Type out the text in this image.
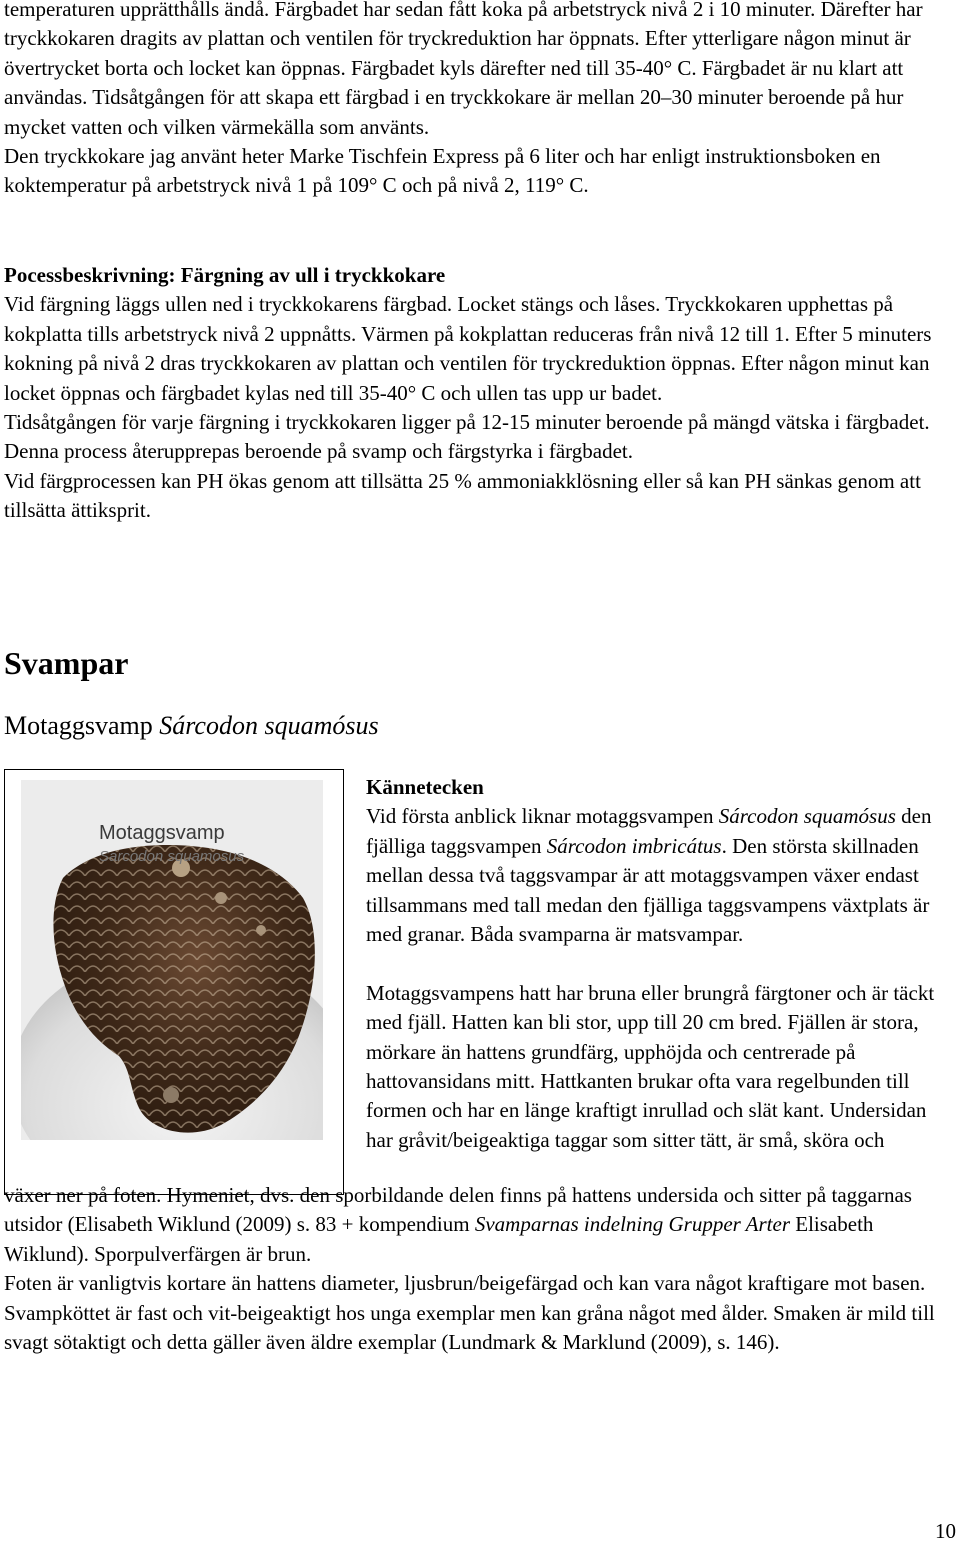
temperaturen upprätthålls ändå. Färgbadet har sedan fått koka på arbetstryck nivå 2 i 10 minuter. Därefter har tryckkokaren dragits av plattan och ventilen för tryckreduktion har öppnats. Efter ytterligare någon minut är övertrycket borta och locket kan öppnas. Färgbadet kyls därefter ned till 35-40° C. Färgbadet är nu klart att användas. Tidsåtgången för att skapa ett färgbad i en tryckkokare är mellan 20–30 minuter beroende på hur mycket vatten och vilken värmekälla som använts.

Den tryckkokare jag använt heter Marke Tischfein Express på 6 liter och har enligt instruktionsboken en koktemperatur på arbetstryck nivå 1 på 109° C och på nivå 2, 119° C.

Pocessbeskrivning: Färgning av ull i tryckkokare

Vid färgning läggs ullen ned i tryckkokarens färgbad. Locket stängs och låses. Tryckkokaren upphettas på kokplatta tills arbetstryck nivå 2 uppnåtts. Värmen på kokplattan reduceras från nivå 12 till 1. Efter 5 minuters kokning på nivå 2 dras tryckkokaren av plattan och ventilen för tryckreduktion öppnas. Efter någon minut kan locket öppnas och färgbadet kylas ned till 35-40° C och ullen tas upp ur badet.

Tidsåtgången för varje färgning i tryckkokaren ligger på 12-15 minuter beroende på mängd vätska i färgbadet.

Denna process återupprepas beroende på svamp och färgstyrka i färgbadet.

Vid färgprocessen kan PH ökas genom att tillsätta 25 % ammoniakklösning eller så kan PH sänkas genom att tillsätta ättiksprit.

Svampar
Motaggsvamp Sárcodon squamósus
Motaggsvamp
Sarcodon squamosus

Kännetecken

Vid första anblick liknar motaggsvampen Sárcodon squamósus den fjälliga taggsvampen Sárcodon imbricátus. Den största skillnaden mellan dessa två taggsvampar är att motaggsvampen växer endast tillsammans med tall medan den fjälliga taggsvampens växtplats är med granar. Båda svamparna är matsvampar.

Motaggsvampens hatt har bruna eller brungrå färgtoner och är täckt med fjäll. Hatten kan bli stor, upp till 20 cm bred. Fjällen är stora, mörkare än hattens grundfärg, upphöjda och centrerade på hattovansidans mitt. Hattkanten brukar ofta vara regelbunden till formen och har en länge kraftigt inrullad och slät kant. Undersidan har gråvit/beigeaktiga taggar som sitter tätt, är små, sköra och

växer ner på foten. Hymeniet, dvs. den sporbildande delen finns på hattens undersida och sitter på taggarnas utsidor (Elisabeth Wiklund (2009) s. 83 + kompendium Svamparnas indelning Grupper Arter Elisabeth Wiklund). Sporpulverfärgen är brun.

Foten är vanligtvis kortare än hattens diameter, ljusbrun/beigefärgad och kan vara något kraftigare mot basen.

Svampköttet är fast och vit-beigeaktigt hos unga exemplar men kan gråna något med ålder. Smaken är mild till svagt sötaktigt och detta gäller även äldre exemplar (Lundmark & Marklund (2009), s. 146).

10
